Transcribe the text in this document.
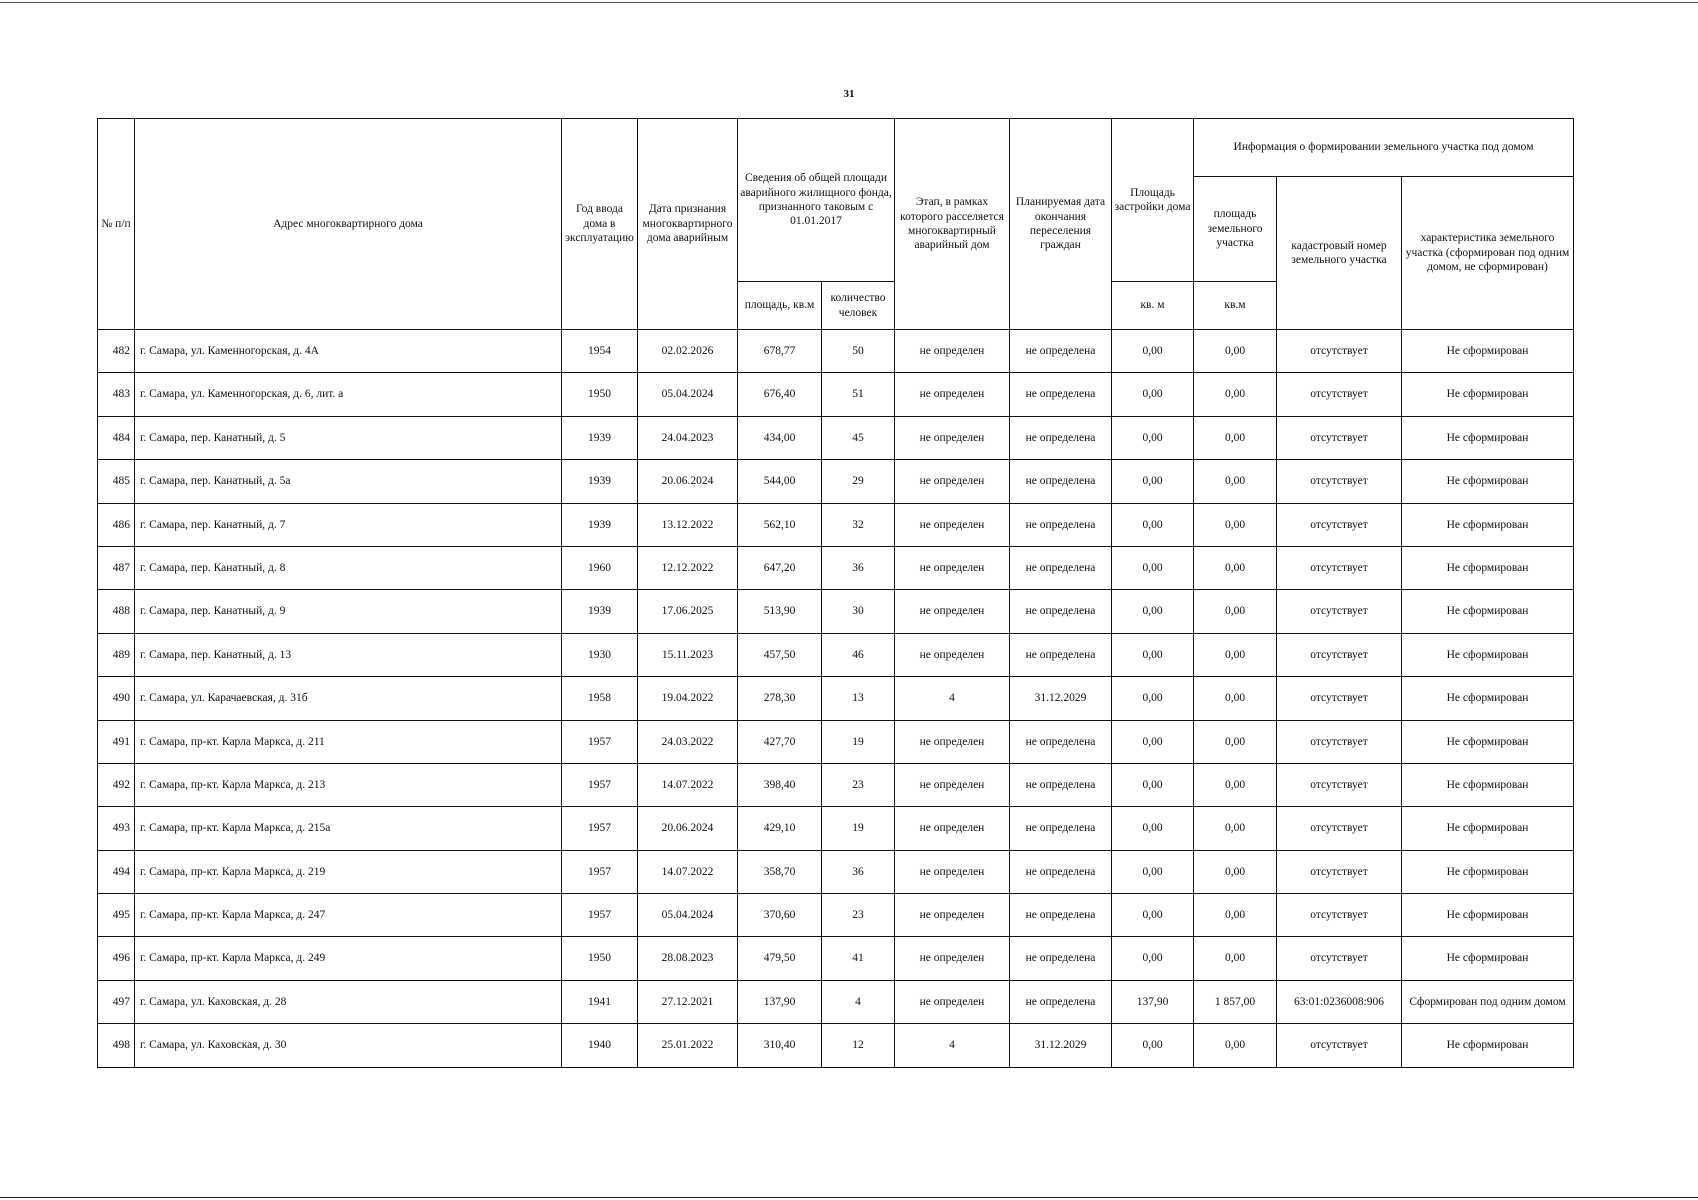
31
№ п/п	Адрес многоквартирного дома	Год ввода дома в эксплуатацию	Дата признания многоквартирного дома аварийным	Сведения об общей площади аварийного жилищного фонда, признанного таковым с 01.01.2017		Этап, в рамках которого расселяется многоквартирный аварийный дом	Планируемая дата окончания переселения граждан	Площадь застройки дома	Информация о формировании земельного участка под домом		
									площадь земельного участка	кадастровый номер земельного участка	характеристика земельного участка (сформирован под одним домом, не сформирован)
				площадь, кв.м	количество человек			кв. м	кв.м		
482	г. Самара, ул. Каменногорская, д. 4А	1954	02.02.2026	678,77	50	не определен	не определена	0,00	0,00	отсутствует	Не сформирован
483	г. Самара, ул. Каменногорская, д. 6, лит. а	1950	05.04.2024	676,40	51	не определен	не определена	0,00	0,00	отсутствует	Не сформирован
484	г. Самара, пер. Канатный, д. 5	1939	24.04.2023	434,00	45	не определен	не определена	0,00	0,00	отсутствует	Не сформирован
485	г. Самара, пер. Канатный, д. 5а	1939	20.06.2024	544,00	29	не определен	не определена	0,00	0,00	отсутствует	Не сформирован
486	г. Самара, пер. Канатный, д. 7	1939	13.12.2022	562,10	32	не определен	не определена	0,00	0,00	отсутствует	Не сформирован
487	г. Самара, пер. Канатный, д. 8	1960	12.12.2022	647,20	36	не определен	не определена	0,00	0,00	отсутствует	Не сформирован
488	г. Самара, пер. Канатный, д. 9	1939	17.06.2025	513,90	30	не определен	не определена	0,00	0,00	отсутствует	Не сформирован
489	г. Самара, пер. Канатный, д. 13	1930	15.11.2023	457,50	46	не определен	не определена	0,00	0,00	отсутствует	Не сформирован
490	г. Самара, ул. Карачаевская, д. 31б	1958	19.04.2022	278,30	13	4	31.12.2029	0,00	0,00	отсутствует	Не сформирован
491	г. Самара, пр-кт. Карла Маркса, д. 211	1957	24.03.2022	427,70	19	не определен	не определена	0,00	0,00	отсутствует	Не сформирован
492	г. Самара, пр-кт. Карла Маркса, д. 213	1957	14.07.2022	398,40	23	не определен	не определена	0,00	0,00	отсутствует	Не сформирован
493	г. Самара, пр-кт. Карла Маркса, д. 215а	1957	20.06.2024	429,10	19	не определен	не определена	0,00	0,00	отсутствует	Не сформирован
494	г. Самара, пр-кт. Карла Маркса, д. 219	1957	14.07.2022	358,70	36	не определен	не определена	0,00	0,00	отсутствует	Не сформирован
495	г. Самара, пр-кт. Карла Маркса, д. 247	1957	05.04.2024	370,60	23	не определен	не определена	0,00	0,00	отсутствует	Не сформирован
496	г. Самара, пр-кт. Карла Маркса, д. 249	1950	28.08.2023	479,50	41	не определен	не определена	0,00	0,00	отсутствует	Не сформирован
497	г. Самара, ул. Каховская, д. 28	1941	27.12.2021	137,90	4	не определен	не определена	137,90	1 857,00	63:01:0236008:906	Сформирован под одним домом
498	г. Самара, ул. Каховская, д. 30	1940	25.01.2022	310,40	12	4	31.12.2029	0,00	0,00	отсутствует	Не сформирован
